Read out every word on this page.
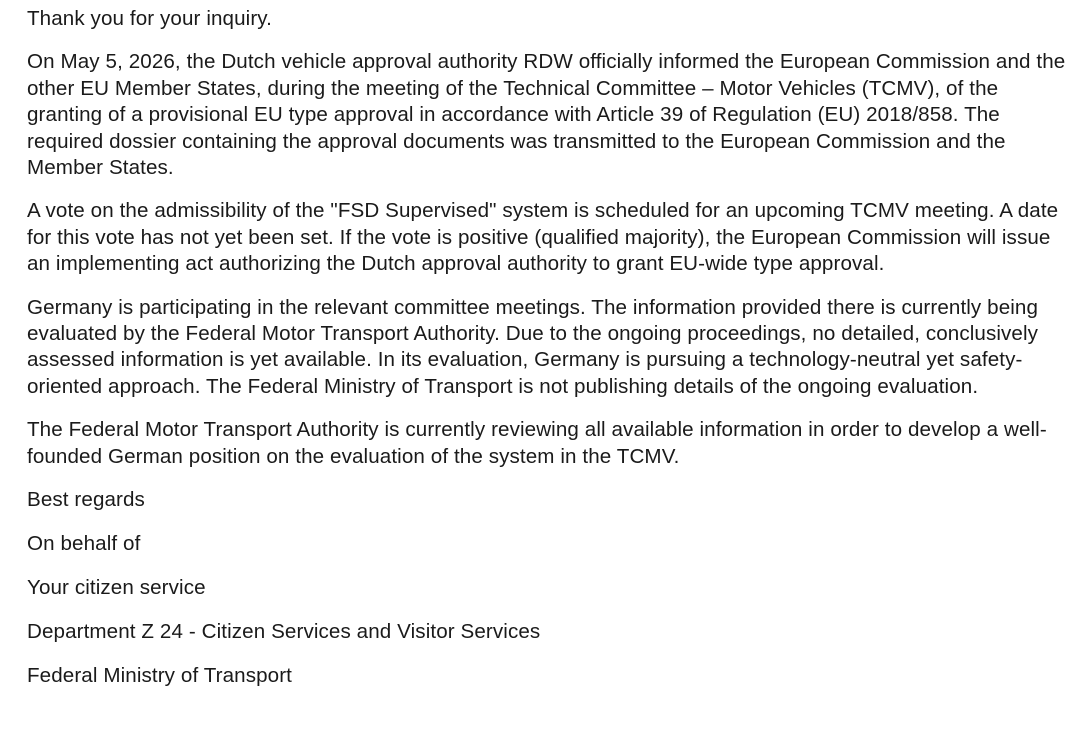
Thank you for your inquiry.

On May 5, 2026, the Dutch vehicle approval authority RDW officially informed the European Commission and the other EU Member States, during the meeting of the Technical Committee – Motor Vehicles (TCMV), of the granting of a provisional EU type approval in accordance with Article 39 of Regulation (EU) 2018/858. The required dossier containing the approval documents was transmitted to the European Commission and the Member States.

A vote on the admissibility of the "FSD Supervised" system is scheduled for an upcoming TCMV meeting. A date for this vote has not yet been set. If the vote is positive (qualified majority), the European Commission will issue an implementing act authorizing the Dutch approval authority to grant EU-wide type approval.

Germany is participating in the relevant committee meetings. The information provided there is currently being evaluated by the Federal Motor Transport Authority. Due to the ongoing proceedings, no detailed, conclusively assessed information is yet available. In its evaluation, Germany is pursuing a technology-neutral yet safety-oriented approach. The Federal Ministry of Transport is not publishing details of the ongoing evaluation.

The Federal Motor Transport Authority is currently reviewing all available information in order to develop a well-founded German position on the evaluation of the system in the TCMV.

Best regards

On behalf of

Your citizen service

Department Z 24 - Citizen Services and Visitor Services

Federal Ministry of Transport
